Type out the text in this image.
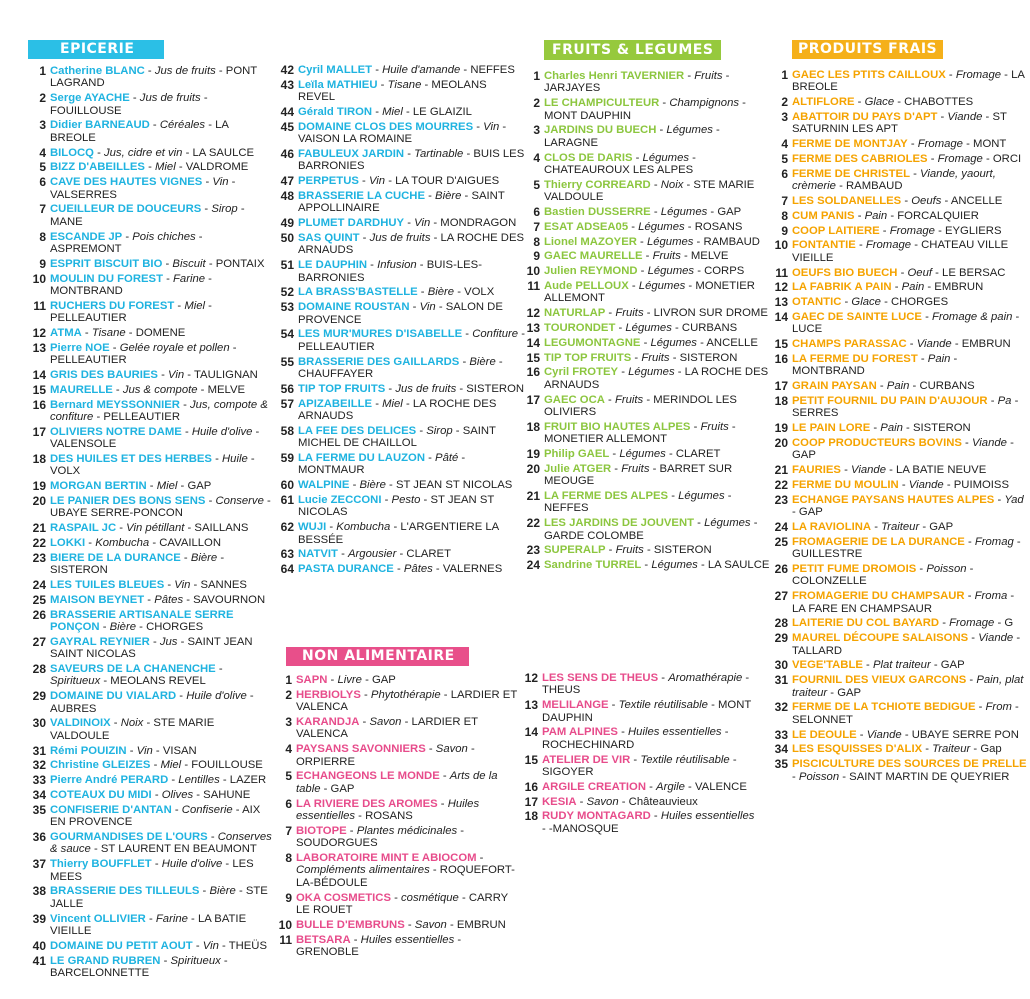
EPICERIE
1 Catherine BLANC - Jus de fruits - PONT LAGRAND
2 Serge AYACHE - Jus de fruits - FOUILLOUSE
3 Didier BARNEAUD - Céréales - LA BREOLE
4 BILOCQ - Jus, cidre et vin - LA SAULCE
5 BIZZ D'ABEILLES - Miel - VALDROME
6 CAVE DES HAUTES VIGNES - Vin - VALSERRES
7 CUEILLEUR DE DOUCEURS - Sirop - MANE
8 ESCANDE JP - Pois chiches - ASPREMONT
9 ESPRIT BISCUIT BIO - Biscuit - PONTAIX
10 MOULIN DU FOREST - Farine - MONTBRAND
11 RUCHERS DU FOREST - Miel - PELLEAUTIER
12 ATMA - Tisane - DOMENE
13 Pierre NOE - Gelée royale et pollen - PELLEAUTIER
14 GRIS DES BAURIES - Vin - TAULIGNAN
15 MAURELLE - Jus & compote - MELVE
16 Bernard MEYSSONNIER - Jus, compote & confiture - PELLEAUTIER
17 OLIVIERS NOTRE DAME - Huile d'olive - VALENSOLE
18 DES HUILES ET DES HERBES - Huile - VOLX
19 MORGAN BERTIN - Miel - GAP
20 LE PANIER DES BONS SENS - Conserve - UBAYE SERRE-PONCON
21 RASPAIL JC - Vin pétillant - SAILLANS
22 LOKKI - Kombucha - CAVAILLON
23 BIERE DE LA DURANCE - Bière - SISTERON
24 LES TUILES BLEUES - Vin - SANNES
25 MAISON BEYNET - Pâtes - SAVOURNON
26 BRASSERIE ARTISANALE SERRE PONÇON - Bière - CHORGES
27 GAYRAL REYNIER - Jus - SAINT JEAN SAINT NICOLAS
28 SAVEURS DE LA CHANENCHE - Spiritueux - MEOLANS REVEL
29 DOMAINE DU VIALARD - Huile d'olive - AUBRES
30 VALDINOIX - Noix - STE MARIE VALDOULE
31 Rémi POUIZIN - Vin - VISAN
32 Christine GLEIZES - Miel - FOUILLOUSE
33 Pierre André PERARD - Lentilles - LAZER
34 COTEAUX DU MIDI - Olives - SAHUNE
35 CONFISERIE D'ANTAN - Confiserie - AIX EN PROVENCE
36 GOURMANDISES DE L'OURS - Conserves & sauce - ST LAURENT EN BEAUMONT
37 Thierry BOUFFLET - Huile d'olive - LES MEES
38 BRASSERIE DES TILLEULS - Bière - STE JALLE
39 Vincent OLLIVIER - Farine - LA BATIE VIEILLE
40 DOMAINE DU PETIT AOUT - Vin - THEÜS
41 LE GRAND RUBREN - Spiritueux - BARCELONNETTE
42 Cyril MALLET - Huile d'amande - NEFFES
43 Leïla MATHIEU - Tisane - MEOLANS REVEL
44 Gérald TIRON - Miel - LE GLAIZIL
45 DOMAINE CLOS DES MOURRES - Vin - VAISON LA ROMAINE
46 FABULEUX JARDIN - Tartinable - BUIS LES BARRONIES
47 PERPETUS - Vin - LA TOUR D'AIGUES
48 BRASSERIE LA CUCHE - Bière - SAINT APPOLLINAIRE
49 PLUMET DARDHUY - Vin - MONDRAGON
50 SAS QUINT - Jus de fruits - LA ROCHE DES ARNAUDS
51 LE DAUPHIN - Infusion - BUIS-LES-BARRONIES
52 LA BRASS'BASTELLE - Bière - VOLX
53 DOMAINE ROUSTAN - Vin - SALON DE PROVENCE
54 LES MUR'MURES D'ISABELLE - Confiture - PELLEAUTIER
55 BRASSERIE DES GAILLARDS - Bière - CHAUFFAYER
56 TIP TOP FRUITS - Jus de fruits - SISTERON
57 APIZABEILLE - Miel - LA ROCHE DES ARNAUDS
58 LA FEE DES DELICES - Sirop - SAINT MICHEL DE CHAILLOL
59 LA FERME DU LAUZON - Pâté - MONTMAUR
60 WALPINE - Bière - ST JEAN ST NICOLAS
61 Lucie ZECCONI - Pesto - ST JEAN ST NICOLAS
62 WUJI - Kombucha - L'ARGENTIERE LA BESSÉE
63 NATVIT - Argousier - CLARET
64 PASTA DURANCE - Pâtes - VALERNES
NON ALIMENTAIRE
1 SAPN - Livre - GAP
2 HERBIOLYS - Phytothérapie - LARDIER ET VALENCA
3 KARANDJA - Savon - LARDIER ET VALENCA
4 PAYSANS SAVONNIERS - Savon - ORPIERRE
5 ECHANGEONS LE MONDE - Arts de la table - GAP
6 LA RIVIERE DES AROMES - Huiles essentielles - ROSANS
7 BIOTOPE - Plantes médicinales - SOUDORGUES
8 LABORATOIRE MINT E ABIOCOM - Compléments alimentaires - ROQUEFORT-LA-BÉDOULE
9 OKA COSMETICS - cosmétique - CARRY LE ROUET
10 BULLE D'EMBRUNS - Savon - EMBRUN
11 BETSARA - Huiles essentielles - GRENOBLE
12 LES SENS DE THEUS - Aromathérapie - THEUS
13 MELILANGE - Textile réutilisable - MONT DAUPHIN
14 PAM ALPINES - Huiles essentielles - ROCHECHINARD
15 ATELIER DE VIR - Textile réutilisable - SIGOYER
16 ARGILE CREATION - Argile - VALENCE
17 KESIA - Savon - Châteauvieux
18 RUDY MONTAGARD - Huiles essentielles - -MANOSQUE
FRUITS & LEGUMES
1 Charles Henri TAVERNIER - Fruits - JARJAYES
2 LE CHAMPICULTEUR - Champignons - MONT DAUPHIN
3 JARDINS DU BUECH - Légumes - LARAGNE
4 CLOS DE DARIS - Légumes - CHATEAUROUX LES ALPES
5 Thierry CORREARD - Noix - STE MARIE VALDOULE
6 Bastien DUSSERRE - Légumes - GAP
7 ESAT ADSEA05 - Légumes - ROSANS
8 Lionel MAZOYER - Légumes - RAMBAUD
9 GAEC MAURELLE - Fruits - MELVE
10 Julien REYMOND - Légumes - CORPS
11 Aude PELLOUX - Légumes - MONETIER ALLEMONT
12 NATURLAP - Fruits - LIVRON SUR DROME
13 TOURONDET - Légumes - CURBANS
14 LEGUMONTAGNE - Légumes - ANCELLE
15 TIP TOP FRUITS - Fruits - SISTERON
16 Cyril FROTEY - Légumes - LA ROCHE DES ARNAUDS
17 GAEC OCA - Fruits - MERINDOL LES OLIVIERS
18 FRUIT BIO HAUTES ALPES - Fruits - MONETIER ALLEMONT
19 Philip GAEL - Légumes - CLARET
20 Julie ATGER - Fruits - BARRET SUR MEOUGE
21 LA FERME DES ALPES - Légumes - NEFFES
22 LES JARDINS DE JOUVENT - Légumes - GARDE COLOMBE
23 SUPERALP - Fruits - SISTERON
24 Sandrine TURREL - Légumes - LA SAULCE
PRODUITS FRAIS
1 GAEC LES PTITS CAILLOUX - Fromage - LA BREOLE
2 ALTIFLORE - Glace - CHABOTTES
3 ABATTOIR DU PAYS D'APT - Viande - ST SATURNIN LES APT
4 FERME DE MONTJAY - Fromage - MONT
5 FERME DES CABRIOLES - Fromage - ORCI
6 FERME DE CHRISTEL - Viande, yaourt, crèmerie - RAMBAUD
7 LES SOLDANELLES - Oeufs - ANCELLE
8 CUM PANIS - Pain - FORCALQUIER
9 COOP LAITIERE - Fromage - EYGLIERS
10 FONTANTIE - Fromage - CHATEAU VILLE VIEILLE
11 OEUFS BIO BUECH - Oeuf - LE BERSAC
12 LA FABRIK A PAIN - Pain - EMBRUN
13 OTANTIC - Glace - CHORGES
14 GAEC DE SAINTE LUCE - Fromage & pain - LUCE
15 CHAMPS PARASSAC - Viande - EMBRUN
16 LA FERME DU FOREST - Pain - MONTBRAND
17 GRAIN PAYSAN - Pain - CURBANS
18 PETIT FOURNIL DU PAIN D'AUJOUR - Pa - SERRES
19 LE PAIN LORE - Pain - SISTERON
20 COOP PRODUCTEURS BOVINS - Viande - GAP
21 FAURIES - Viande - LA BATIE NEUVE
22 FERME DU MOULIN - Viande - PUIMOISS
23 ECHANGE PAYSANS HAUTES ALPES - Yad - GAP
24 LA RAVIOLINA - Traiteur - GAP
25 FROMAGERIE DE LA DURANCE - Fromag - GUILLESTRE
26 PETIT FUME DROMOIS - Poisson - COLONZELLE
27 FROMAGERIE DU CHAMPSAUR - Froma - LA FARE EN CHAMPSAUR
28 LAITERIE DU COL BAYARD - Fromage - G
29 MAUREL DÉCOUPE SALAISONS - Viande - TALLARD
30 VEGE'TABLE - Plat traiteur - GAP
31 FOURNIL DES VIEUX GARCONS - Pain, plat traiteur - GAP
32 FERME DE LA TCHIOTE BEDIGUE - From - SELONNET
33 LE DEOULE - Viande - UBAYE SERRE PON
34 LES ESQUISSES D'ALIX - Traiteur - Gap
35 PISCICULTURE DES SOURCES DE PRELLE - Poisson - SAINT MARTIN DE QUEYRIER
